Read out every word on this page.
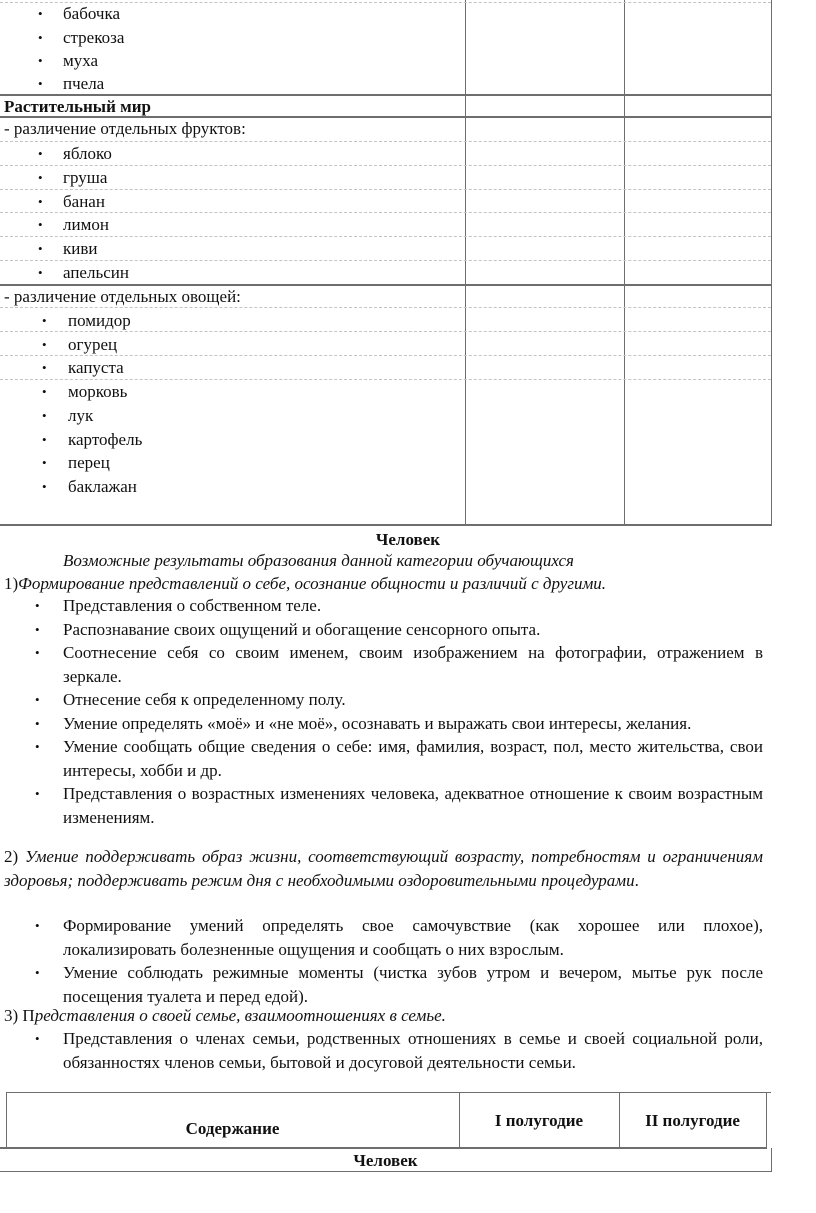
• бабочка
• стрекоза
• муха
• пчела
Растительный мир
- различение отдельных фруктов:
• яблоко
• груша
• банан
• лимон
• киви
• апельсин
- различение отдельных овощей:
• помидор
• огурец
• капуста
• морковь
• лук
• картофель
• перец
• баклажан
Человек
Возможные результаты образования данной категории обучающихся
1)Формирование представлений о себе, осознание общности и различий с другими.
• Представления о собственном теле.
• Распознавание своих ощущений и обогащение сенсорного опыта.
• Соотнесение себя со своим именем, своим изображением на фотографии, отражением в зеркале.
• Отнесение себя к определенному полу.
• Умение определять «моё» и «не моё», осознавать и выражать свои интересы, желания.
• Умение сообщать общие сведения о себе: имя, фамилия, возраст, пол, место жительства, свои интересы, хобби и др.
• Представления о возрастных изменениях человека, адекватное отношение к своим возрастным изменениям.
2) Умение поддерживать образ жизни, соответствующий возрасту, потребностям и ограничениям здоровья; поддерживать режим дня с необходимыми оздоровительными процедурами.
• Формирование умений определять свое самочувствие (как хорошее или плохое), локализировать болезненные ощущения и сообщать о них взрослым.
• Умение соблюдать режимные моменты (чистка зубов утром и вечером, мытье рук после посещения туалета и перед едой).
3) Представления о своей семье, взаимоотношениях в семье.
• Представления о членах семьи, родственных отношениях в семье и своей социальной роли, обязанностях членов семьи, бытовой и досуговой деятельности семьи.
Содержание	I полугодие	II полугодие
Человек
